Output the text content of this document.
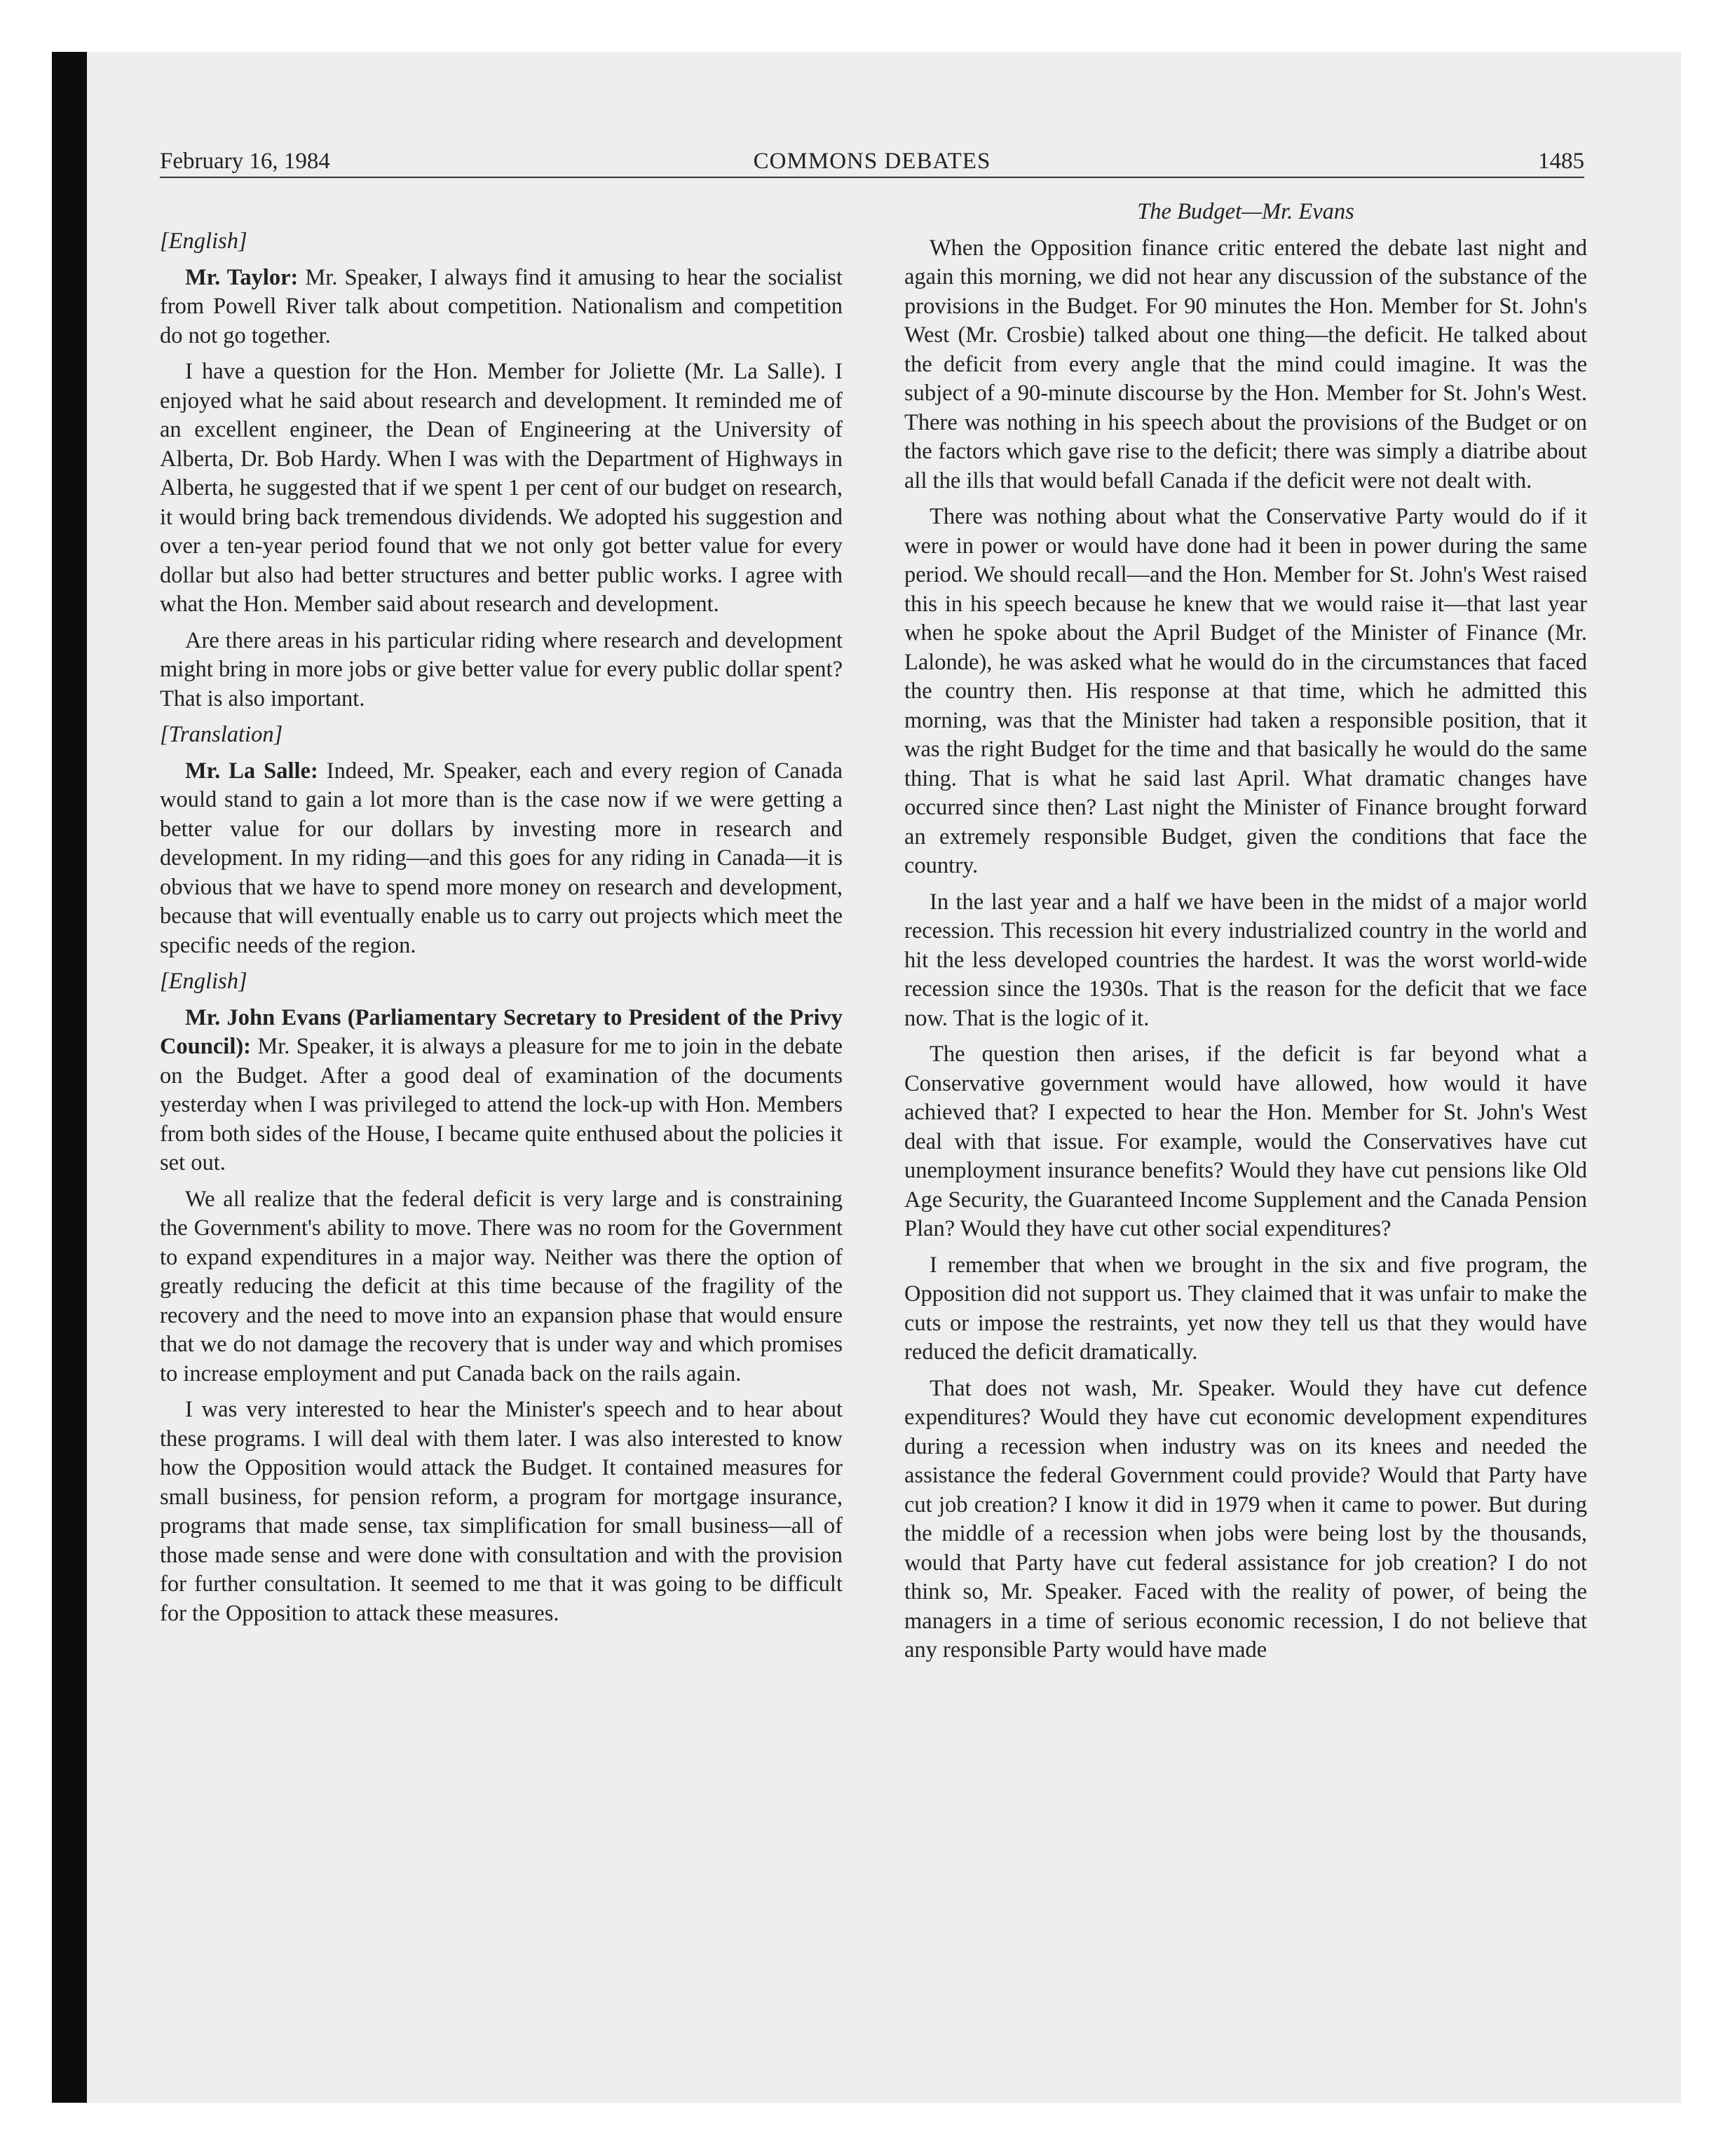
February 16, 1984	COMMONS DEBATES	1485

[English]

Mr. Taylor: Mr. Speaker, I always find it amusing to hear the socialist from Powell River talk about competition. Nationalism and competition do not go together.

I have a question for the Hon. Member for Joliette (Mr. La Salle). I enjoyed what he said about research and development. It reminded me of an excellent engineer, the Dean of Engineering at the University of Alberta, Dr. Bob Hardy. When I was with the Department of Highways in Alberta, he suggested that if we spent 1 per cent of our budget on research, it would bring back tremendous dividends. We adopted his suggestion and over a ten-year period found that we not only got better value for every dollar but also had better structures and better public works. I agree with what the Hon. Member said about research and development.

Are there areas in his particular riding where research and development might bring in more jobs or give better value for every public dollar spent? That is also important.

[Translation]

Mr. La Salle: Indeed, Mr. Speaker, each and every region of Canada would stand to gain a lot more than is the case now if we were getting a better value for our dollars by investing more in research and development. In my riding—and this goes for any riding in Canada—it is obvious that we have to spend more money on research and development, because that will eventually enable us to carry out projects which meet the specific needs of the region.

[English]

Mr. John Evans (Parliamentary Secretary to President of the Privy Council): Mr. Speaker, it is always a pleasure for me to join in the debate on the Budget. After a good deal of examination of the documents yesterday when I was privileged to attend the lock-up with Hon. Members from both sides of the House, I became quite enthused about the policies it set out.

We all realize that the federal deficit is very large and is constraining the Government's ability to move. There was no room for the Government to expand expenditures in a major way. Neither was there the option of greatly reducing the deficit at this time because of the fragility of the recovery and the need to move into an expansion phase that would ensure that we do not damage the recovery that is under way and which promises to increase employment and put Canada back on the rails again.

I was very interested to hear the Minister's speech and to hear about these programs. I will deal with them later. I was also interested to know how the Opposition would attack the Budget. It contained measures for small business, for pension reform, a program for mortgage insurance, programs that made sense, tax simplification for small business—all of those made sense and were done with consultation and with the provision for further consultation. It seemed to me that it was going to be difficult for the Opposition to attack these measures.

The Budget—Mr. Evans

When the Opposition finance critic entered the debate last night and again this morning, we did not hear any discussion of the substance of the provisions in the Budget. For 90 minutes the Hon. Member for St. John's West (Mr. Crosbie) talked about one thing—the deficit. He talked about the deficit from every angle that the mind could imagine. It was the subject of a 90-minute discourse by the Hon. Member for St. John's West. There was nothing in his speech about the provisions of the Budget or on the factors which gave rise to the deficit; there was simply a diatribe about all the ills that would befall Canada if the deficit were not dealt with.

There was nothing about what the Conservative Party would do if it were in power or would have done had it been in power during the same period. We should recall—and the Hon. Member for St. John's West raised this in his speech because he knew that we would raise it—that last year when he spoke about the April Budget of the Minister of Finance (Mr. Lalonde), he was asked what he would do in the circumstances that faced the country then. His response at that time, which he admitted this morning, was that the Minister had taken a responsible position, that it was the right Budget for the time and that basically he would do the same thing. That is what he said last April. What dramatic changes have occurred since then? Last night the Minister of Finance brought forward an extremely responsible Budget, given the conditions that face the country.

In the last year and a half we have been in the midst of a major world recession. This recession hit every industrialized country in the world and hit the less developed countries the hardest. It was the worst world-wide recession since the 1930s. That is the reason for the deficit that we face now. That is the logic of it.

The question then arises, if the deficit is far beyond what a Conservative government would have allowed, how would it have achieved that? I expected to hear the Hon. Member for St. John's West deal with that issue. For example, would the Conservatives have cut unemployment insurance benefits? Would they have cut pensions like Old Age Security, the Guaranteed Income Supplement and the Canada Pension Plan? Would they have cut other social expenditures?

I remember that when we brought in the six and five program, the Opposition did not support us. They claimed that it was unfair to make the cuts or impose the restraints, yet now they tell us that they would have reduced the deficit dramatically.

That does not wash, Mr. Speaker. Would they have cut defence expenditures? Would they have cut economic development expenditures during a recession when industry was on its knees and needed the assistance the federal Government could provide? Would that Party have cut job creation? I know it did in 1979 when it came to power. But during the middle of a recession when jobs were being lost by the thousands, would that Party have cut federal assistance for job creation? I do not think so, Mr. Speaker. Faced with the reality of power, of being the managers in a time of serious economic recession, I do not believe that any responsible Party would have made
